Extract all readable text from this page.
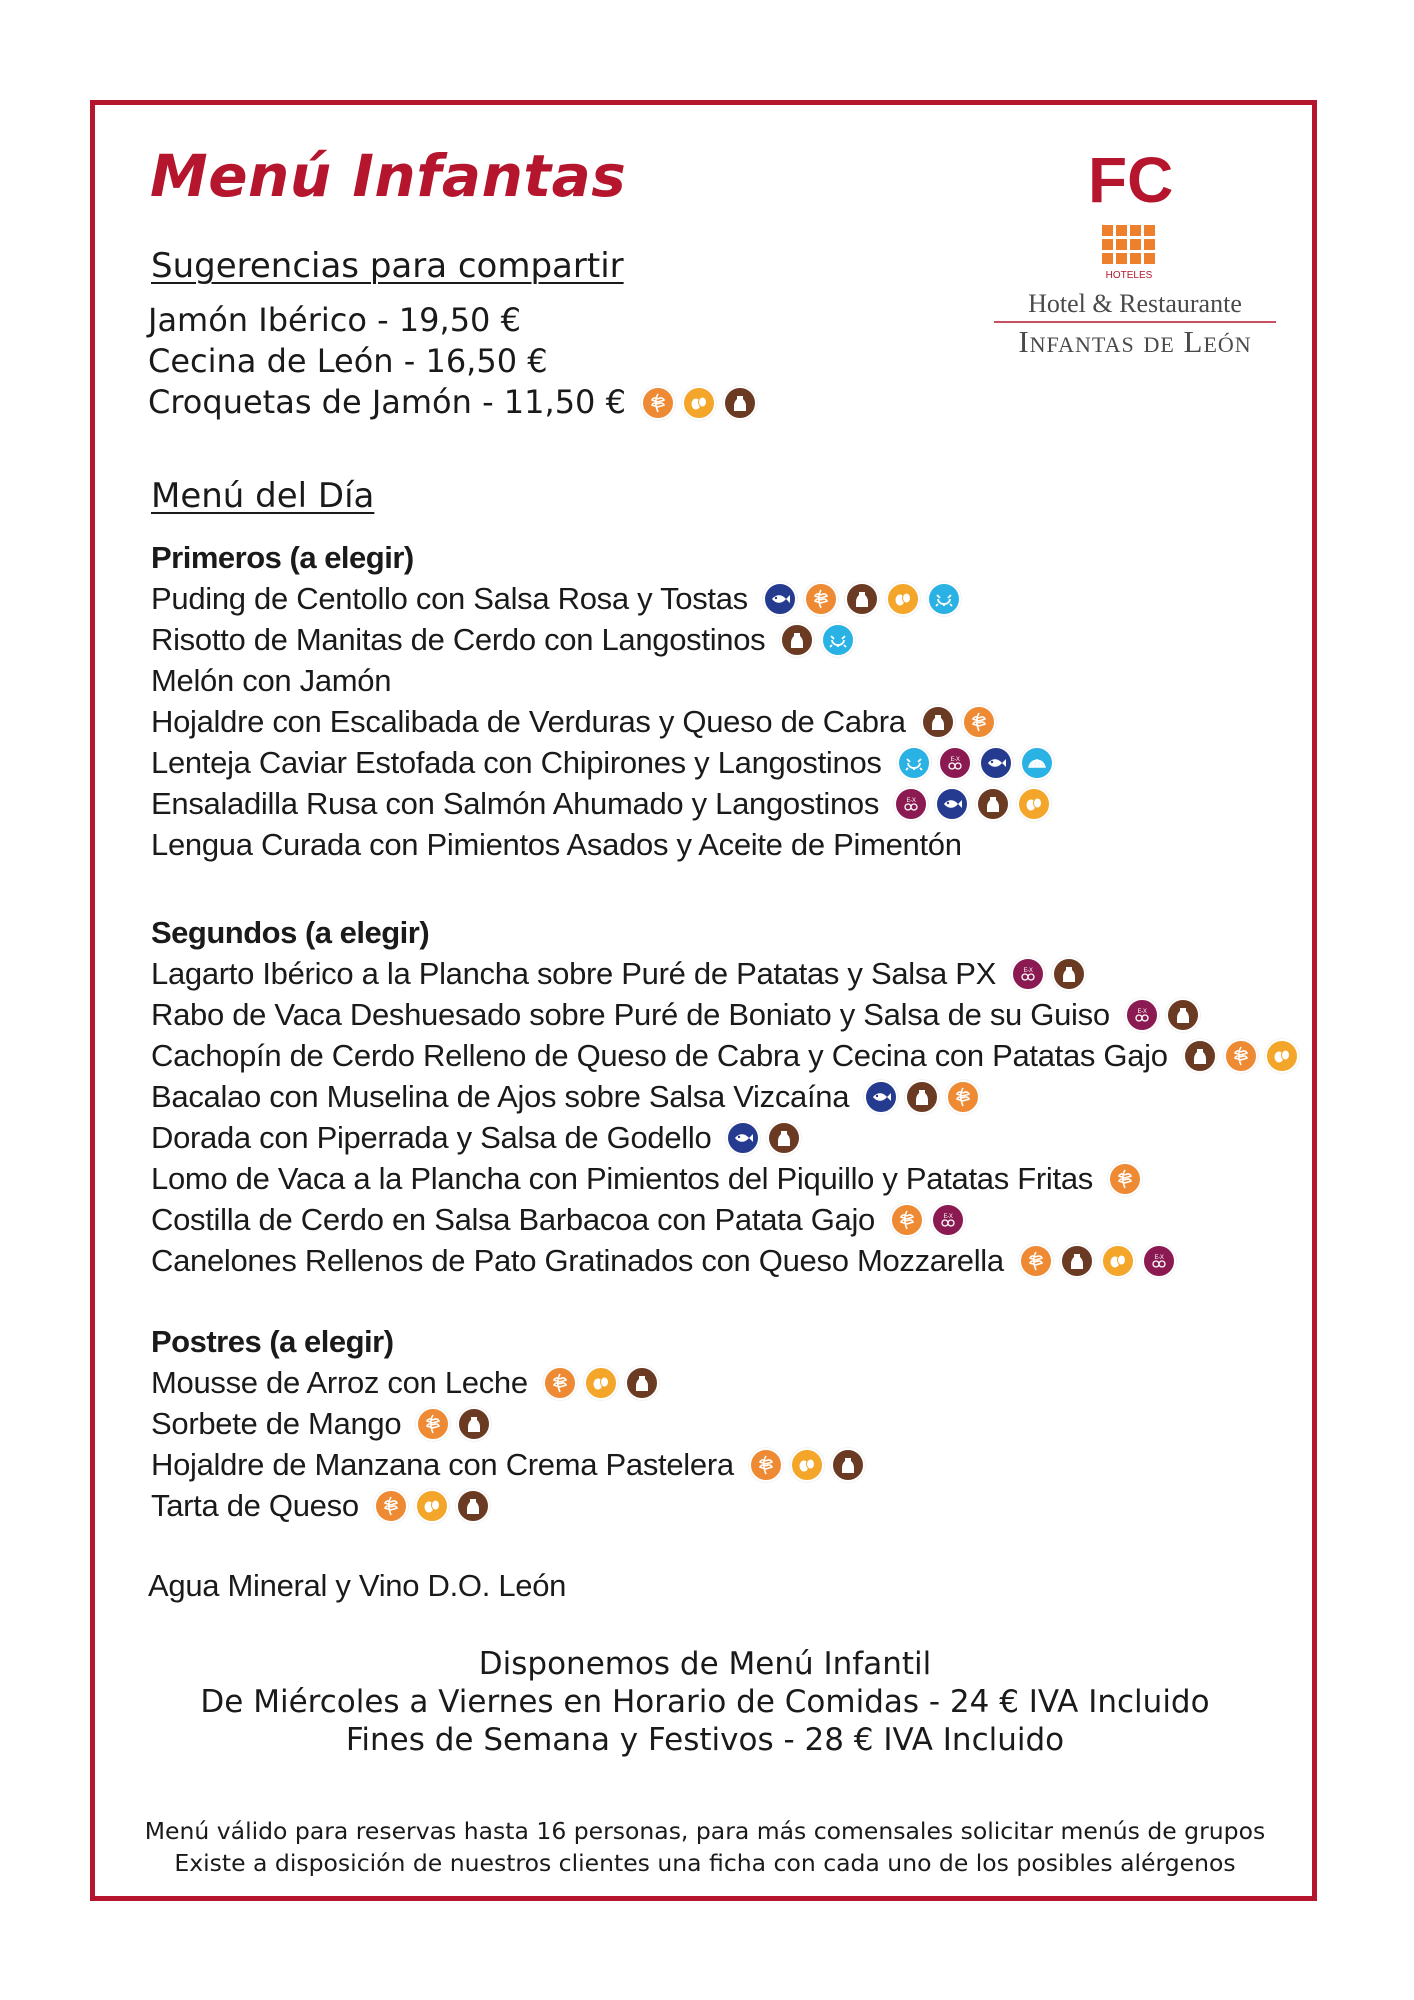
Menú Infantas	FC
HOTELES
Hotel & Restaurante
Infantas de León
Sugerencias para compartir
Jamón Ibérico - 19,50 €
Cecina de León - 16,50 €
Croquetas de Jamón - 11,50 €
Menú del Día
Primeros (a elegir)
Puding de Centollo con Salsa Rosa y Tostas
Risotto de Manitas de Cerdo con Langostinos
Melón con Jamón
Hojaldre con Escalibada de Verduras y Queso de Cabra
Lenteja Caviar Estofada con Chipirones y Langostinos	E-X
Ensaladilla Rusa con Salmón Ahumado y Langostinos	E-X
Lengua Curada con Pimientos Asados y Aceite de Pimentón
Segundos (a elegir)
Lagarto Ibérico a la Plancha sobre Puré de Patatas y Salsa PX	E-X
Rabo de Vaca Deshuesado sobre Puré de Boniato y Salsa de su Guiso	E-X
Cachopín de Cerdo Relleno de Queso de Cabra y Cecina con Patatas Gajo
Bacalao con Muselina de Ajos sobre Salsa Vizcaína
Dorada con Piperrada y Salsa de Godello
Lomo de Vaca a la Plancha con Pimientos del Piquillo y Patatas Fritas
Costilla de Cerdo en Salsa Barbacoa con Patata Gajo	E-X
Canelones Rellenos de Pato Gratinados con Queso Mozzarella	E-X
Postres (a elegir)
Mousse de Arroz con Leche
Sorbete de Mango
Hojaldre de Manzana con Crema Pastelera
Tarta de Queso
Agua Mineral y Vino D.O. León
Disponemos de Menú Infantil
De Miércoles a Viernes en Horario de Comidas - 24 € IVA Incluido
Fines de Semana y Festivos - 28 € IVA Incluido
Menú válido para reservas hasta 16 personas, para más comensales solicitar menús de grupos
Existe a disposición de nuestros clientes una ficha con cada uno de los posibles alérgenos
